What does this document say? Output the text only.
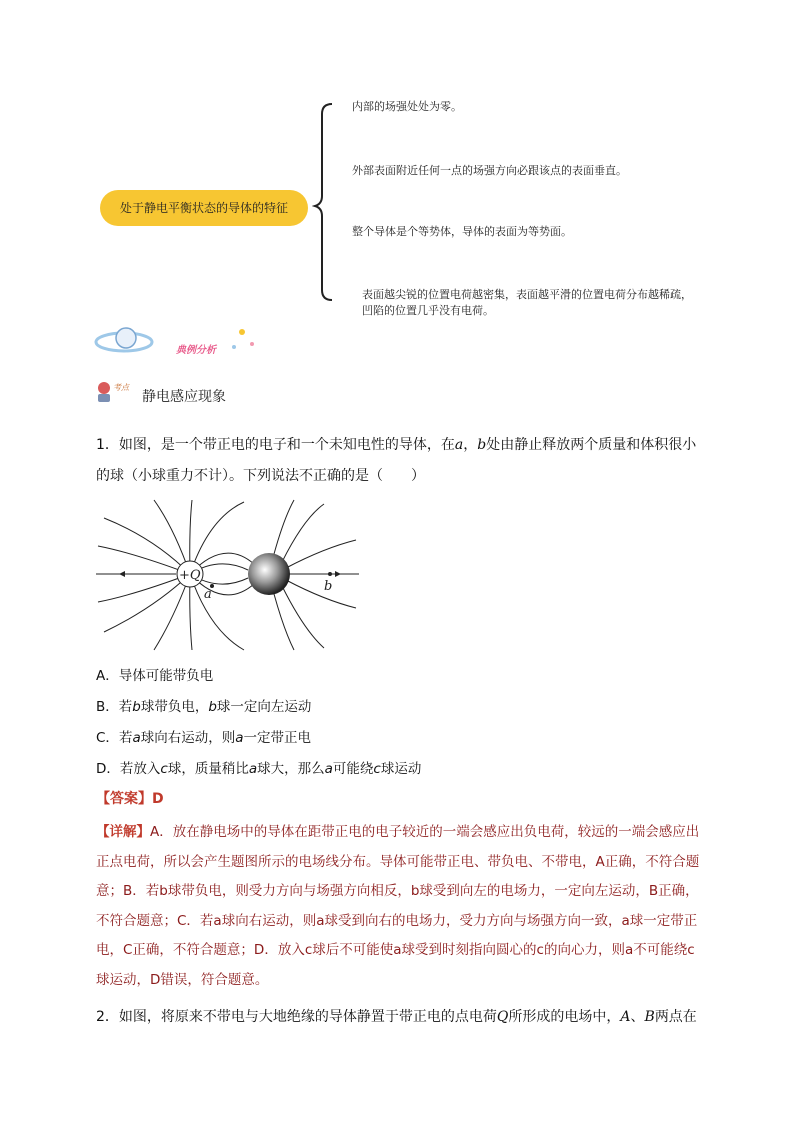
处于静电平衡状态的导体的特征
内部的场强处处为零。
外部表面附近任何一点的场强方向必跟该点的表面垂直。
整个导体是个等势体，导体的表面为等势面。
表面越尖锐的位置电荷越密集，表面越平滑的位置电荷分布越稀疏，凹陷的位置几乎没有电荷。
典例分析
考点
静电感应现象
1．如图，是一个带正电的电子和一个未知电性的导体，在a，b处由静止释放两个质量和体积很小
的球（小球重力不计）。下列说法不正确的是（　　）
+Q
a
b
A．导体可能带负电
B．若b球带负电，b球一定向左运动
C．若a球向右运动，则a一定带正电
D．若放入c球，质量稍比a球大，那么a可能绕c球运动
【答案】D
【详解】A．放在静电场中的导体在距带正电的电子较近的一端会感应出负电荷，较远的一端会感应出正点电荷，所以会产生题图所示的电场线分布。导体可能带正电、带负电、不带电，A正确，不符合题意；B．若b球带负电，则受力方向与场强方向相反，b球受到向左的电场力，一定向左运动，B正确，不符合题意；C．若a球向右运动，则a球受到向右的电场力，受力方向与场强方向一致，a球一定带正电，C正确，不符合题意；D．放入c球后不可能使a球受到时刻指向圆心的c的向心力，则a不可能绕c球运动，D错误，符合题意。
2．如图，将原来不带电与大地绝缘的导体静置于带正电的点电荷Q所形成的电场中，A、B两点在
